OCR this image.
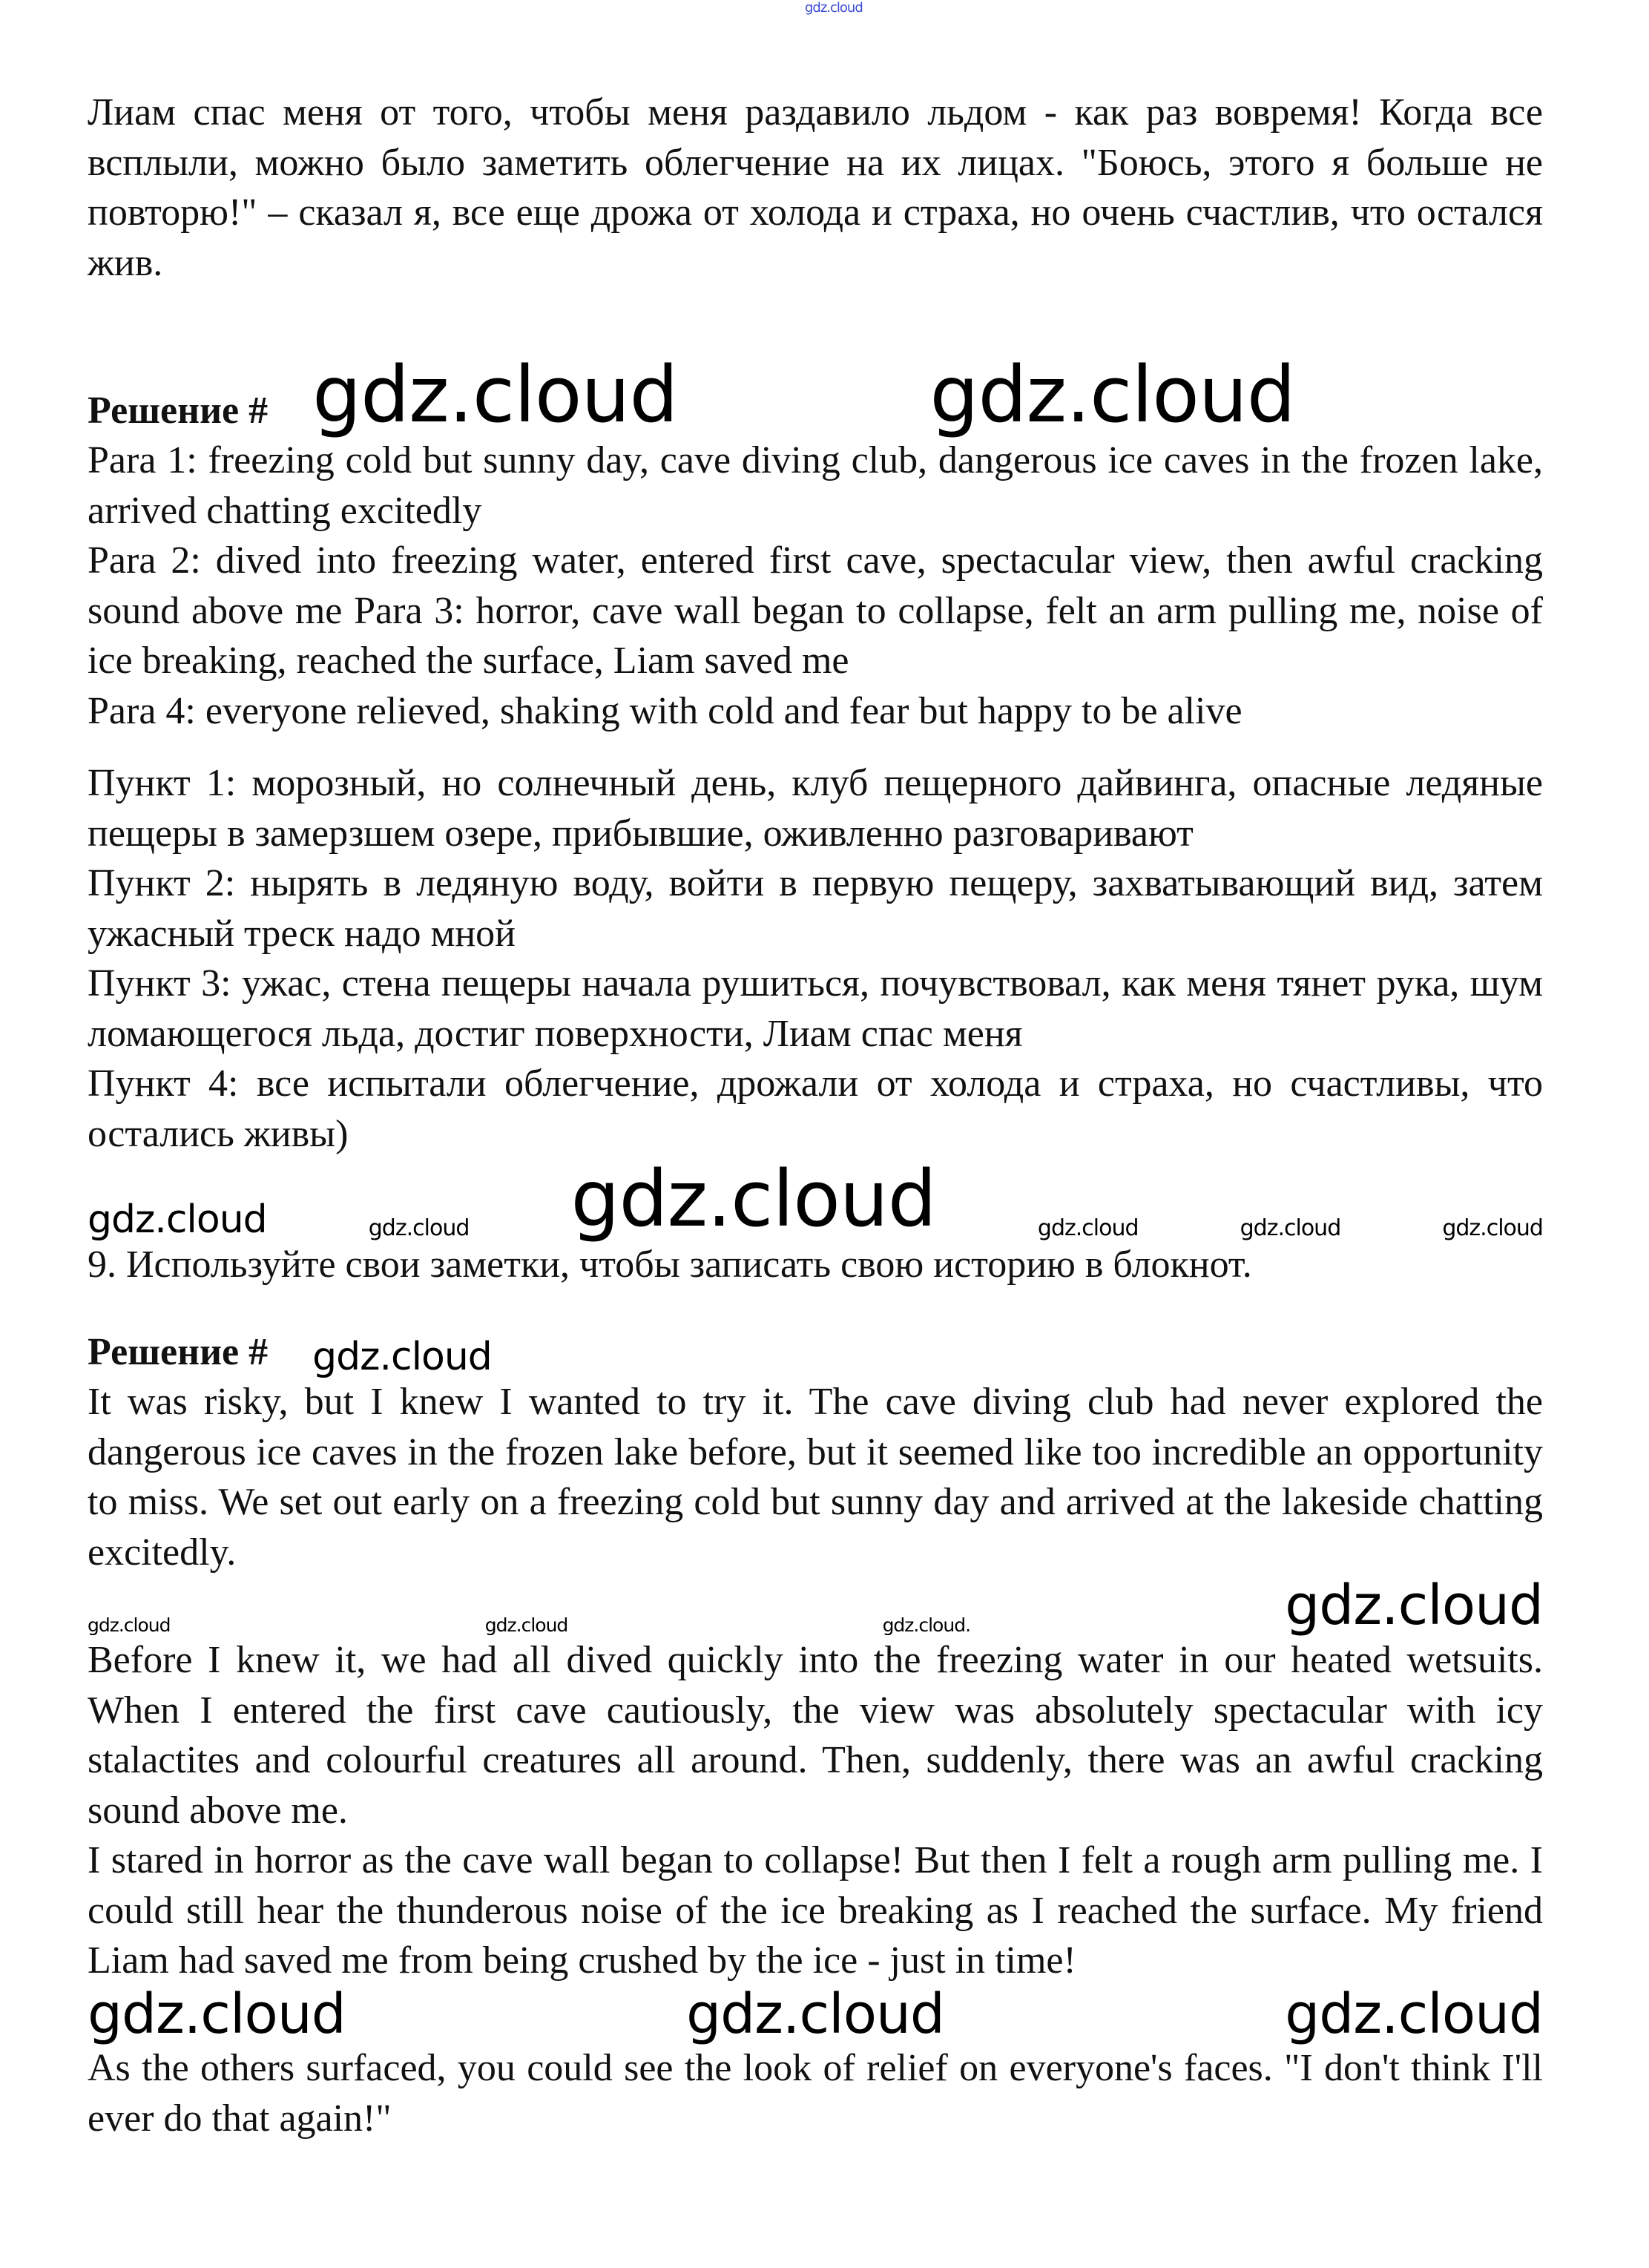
gdz.cloud

Лиам спас меня от того, чтобы меня раздавило льдом - как раз вовремя! Когда все всплыли, можно было заметить облегчение на их лицах. "Боюсь, этого я больше не повторю!" – сказал я, все еще дрожа от холода и страха, но очень счастлив, что остался жив.

Решение # gdz.cloud	gdz.cloud

Para 1: freezing cold but sunny day, cave diving club, dangerous ice caves in the frozen lake, arrived chatting excitedly

Para 2: dived into freezing water, entered first cave, spectacular view, then awful cracking sound above me Para 3: horror, cave wall began to collapse, felt an arm pulling me, noise of ice breaking, reached the surface, Liam saved me

Para 4: everyone relieved, shaking with cold and fear but happy to be alive

Пункт 1: морозный, но солнечный день, клуб пещерного дайвинга, опасные ледяные пещеры в замерзшем озере, прибывшие, оживленно разговаривают

Пункт 2: нырять в ледяную воду, войти в первую пещеру, захватывающий вид, затем ужасный треск надо мной

Пункт 3: ужас, стена пещеры начала рушиться, почувствовал, как меня тянет рука, шум ломающегося льда, достиг поверхности, Лиам спас меня

Пункт 4: все испытали облегчение, дрожали от холода и страха, но счастливы, что остались живы)

gdz.cloud	gdz.cloud gdz.cloud	gdz.cloud	gdz.cloud	gdz.cloud
9. Используйте свои заметки, чтобы записать свою историю в блокнот.
Решение # gdz.cloud

It was risky, but I knew I wanted to try it. The cave diving club had never explored the dangerous ice caves in the frozen lake before, but it seemed like too incredible an opportunity to miss. We set out early on a freezing cold but sunny day and arrived at the lakeside chatting excitedly.

gdz.cloud	gdz.cloud	gdz.cloud.	gdz.cloud

Before I knew it, we had all dived quickly into the freezing water in our heated wetsuits. When I entered the first cave cautiously, the view was absolutely spectacular with icy stalactites and colourful creatures all around. Then, suddenly, there was an awful cracking sound above me.

I stared in horror as the cave wall began to collapse! But then I felt a rough arm pulling me. I could still hear the thunderous noise of the ice breaking as I reached the surface. My friend Liam had saved me from being crushed by the ice - just in time!

gdz.cloud	gdz.cloud	gdz.cloud

As the others surfaced, you could see the look of relief on everyone's faces. "I don't think I'll ever do that again!"
